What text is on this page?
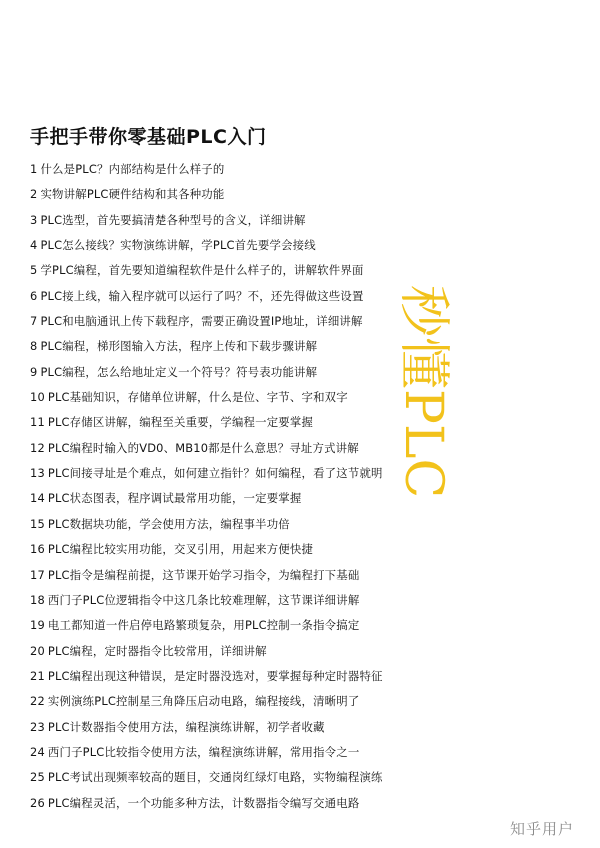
手把手带你零基础PLC入门
1 什么是PLC？内部结构是什么样子的
2 实物讲解PLC硬件结构和其各种功能
3 PLC选型，首先要搞清楚各种型号的含义，详细讲解
4 PLC怎么接线？实物演练讲解，学PLC首先要学会接线
5 学PLC编程，首先要知道编程软件是什么样子的，讲解软件界面
6 PLC接上线，输入程序就可以运行了吗？不，还先得做这些设置
7 PLC和电脑通讯上传下载程序，需要正确设置IP地址，详细讲解
8 PLC编程，梯形图输入方法，程序上传和下载步骤讲解
9 PLC编程，怎么给地址定义一个符号？符号表功能讲解
10 PLC基础知识，存储单位讲解，什么是位、字节、字和双字
11 PLC存储区讲解，编程至关重要，学编程一定要掌握
12 PLC编程时输入的VD0、MB10都是什么意思？寻址方式讲解
13 PLC间接寻址是个难点，如何建立指针？如何编程，看了这节就明
14 PLC状态图表，程序调试最常用功能，一定要掌握
15 PLC数据块功能，学会使用方法，编程事半功倍
16 PLC编程比较实用功能，交叉引用，用起来方便快捷
17 PLC指令是编程前提，这节课开始学习指令，为编程打下基础
18 西门子PLC位逻辑指令中这几条比较难理解，这节课详细讲解
19 电工都知道一件启停电路繁琐复杂，用PLC控制一条指令搞定
20 PLC编程，定时器指令比较常用，详细讲解
21 PLC编程出现这种错误，是定时器没选对，要掌握每种定时器特征
22 实例演练PLC控制星三角降压启动电路，编程接线，清晰明了
23 PLC计数器指令使用方法，编程演练讲解，初学者收藏
24 西门子PLC比较指令使用方法，编程演练讲解，常用指令之一
25 PLC考试出现频率较高的题目，交通岗红绿灯电路，实物编程演练
26 PLC编程灵活，一个功能多种方法，计数器指令编写交通电路
秒懂PLC
知乎用户
